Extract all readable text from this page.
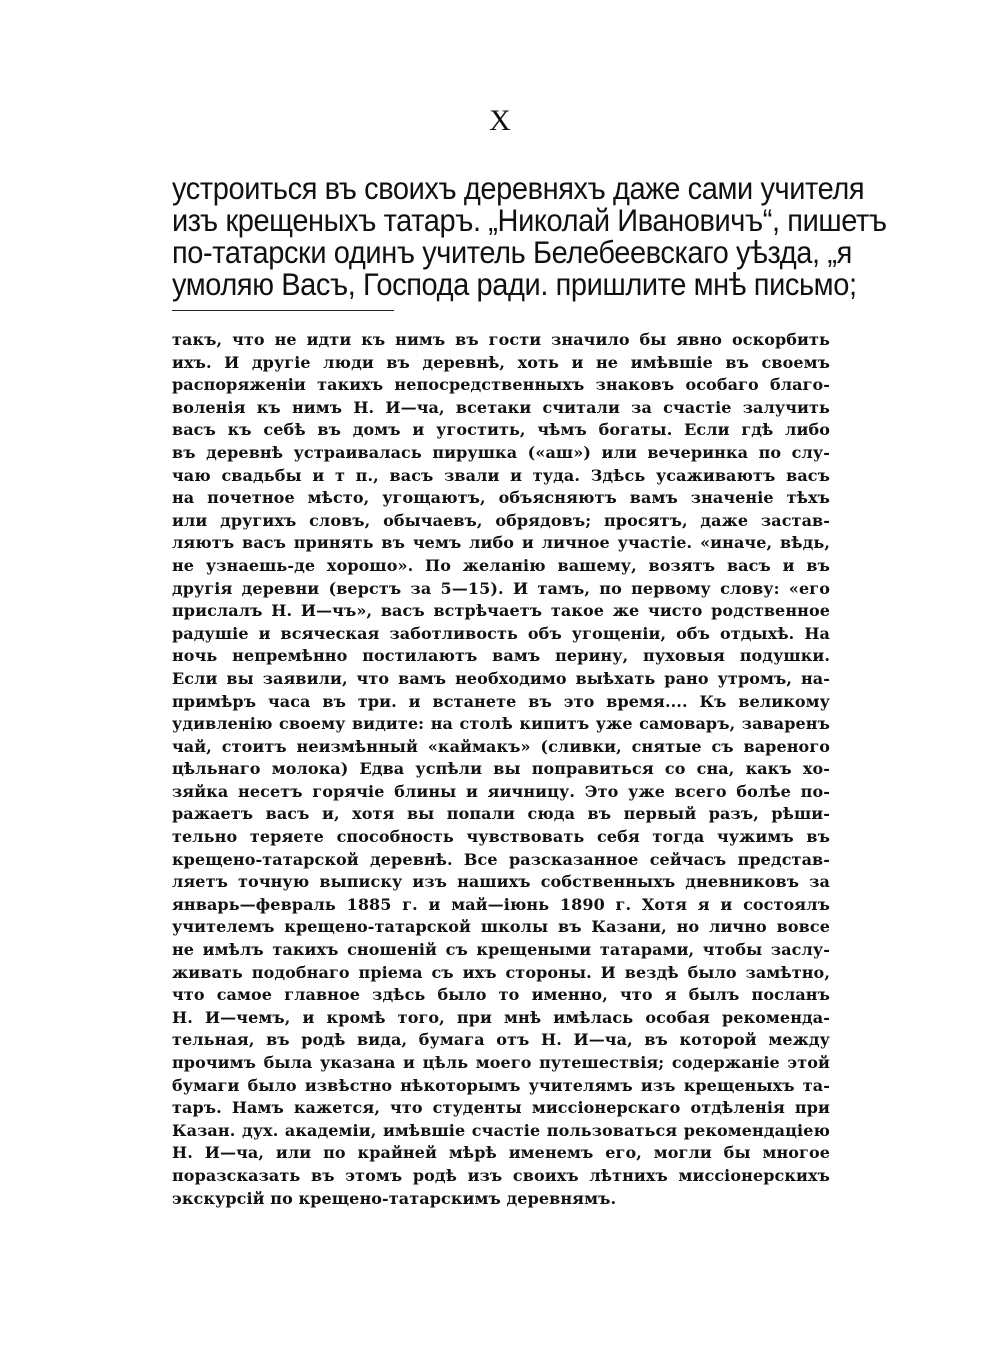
X
устроиться въ своихъ деревняхъ даже сами учителя
изъ крещеныхъ татаръ. „Николай Ивановичъ“, пишетъ
по-татарски одинъ учитель Белебеевскаго уѣзда, „я
умоляю Васъ, Господа ради. пришлите мнѣ письмо;
такъ, что не идти къ нимъ въ гости значило бы явно оскорбить
ихъ. И другіе люди въ деревнѣ, хоть и не имѣвшіе въ своемъ
распоряженіи такихъ непосредственныхъ знаковъ особаго благо-
воленія къ нимъ Н. И—ча, всетаки считали за счастіе залучить
васъ къ себѣ въ домъ и угостить, чѣмъ богаты. Если гдѣ либо
въ деревнѣ устраивалась пирушка («аш») или вечеринка по слу-
чаю свадьбы и т п., васъ звали и туда. Здѣсь усаживаютъ васъ
на почетное мѣсто, угощаютъ, объясняютъ вамъ значеніе тѣхъ
или другихъ словъ, обычаевъ, обрядовъ; просятъ, даже застав-
ляютъ васъ принять въ чемъ либо и личное участіе. «иначе, вѣдь,
не узнаешь-де хорошо». По желанію вашему, возятъ васъ и въ
другія деревни (верстъ за 5—15). И тамъ, по первому слову: «его
прислалъ Н. И—чъ», васъ встрѣчаетъ такое же чисто родственное
радушіе и всяческая заботливость объ угощеніи, объ отдыхѣ. На
ночь непремѣнно постилаютъ вамъ перину, пуховыя подушки.
Если вы заявили, что вамъ необходимо выѣхать рано утромъ, на-
примѣръ часа въ три. и встанете въ это время.... Къ великому
удивленію своему видите: на столѣ кипитъ уже самоваръ, заваренъ
чай, стоитъ неизмѣнный «каймакъ» (сливки, снятые съ вареного
цѣльнаго молока) Едва успѣли вы поправиться со сна, какъ хо-
зяйка несетъ горячіе блины и яичницу. Это уже всего болѣе по-
ражаетъ васъ и, хотя вы попали сюда въ первый разъ, рѣши-
тельно теряете способность чувствовать себя тогда чужимъ въ
крещено-татарской деревнѣ. Все разсказанное сейчасъ представ-
ляетъ точную выписку изъ нашихъ собственныхъ дневниковъ за
январь—февраль 1885 г. и май—іюнь 1890 г. Хотя я и состоялъ
учителемъ крещено-татарской школы въ Казани, но лично вовсе
не имѣлъ такихъ сношеній съ крещеными татарами, чтобы заслу-
живать подобнаго пріема съ ихъ стороны. И вездѣ было замѣтно,
что самое главное здѣсь было то именно, что я былъ посланъ
Н. И—чемъ, и кромѣ того, при мнѣ имѣлась особая рекоменда-
тельная, въ родѣ вида, бумага отъ Н. И—ча, въ которой между
прочимъ была указана и цѣль моего путешествія; содержаніе этой
бумаги было извѣстно нѣкоторымъ учителямъ изъ крещеныхъ та-
таръ. Намъ кажется, что студенты миссіонерскаго отдѣленія при
Казан. дух. академіи, имѣвшіе счастіе пользоваться рекомендаціею
Н. И—ча, или по крайней мѣрѣ именемъ его, могли бы многое
поразсказать въ этомъ родѣ изъ своихъ лѣтнихъ миссіонерскихъ
экскурсій по крещено-татарскимъ деревнямъ.
